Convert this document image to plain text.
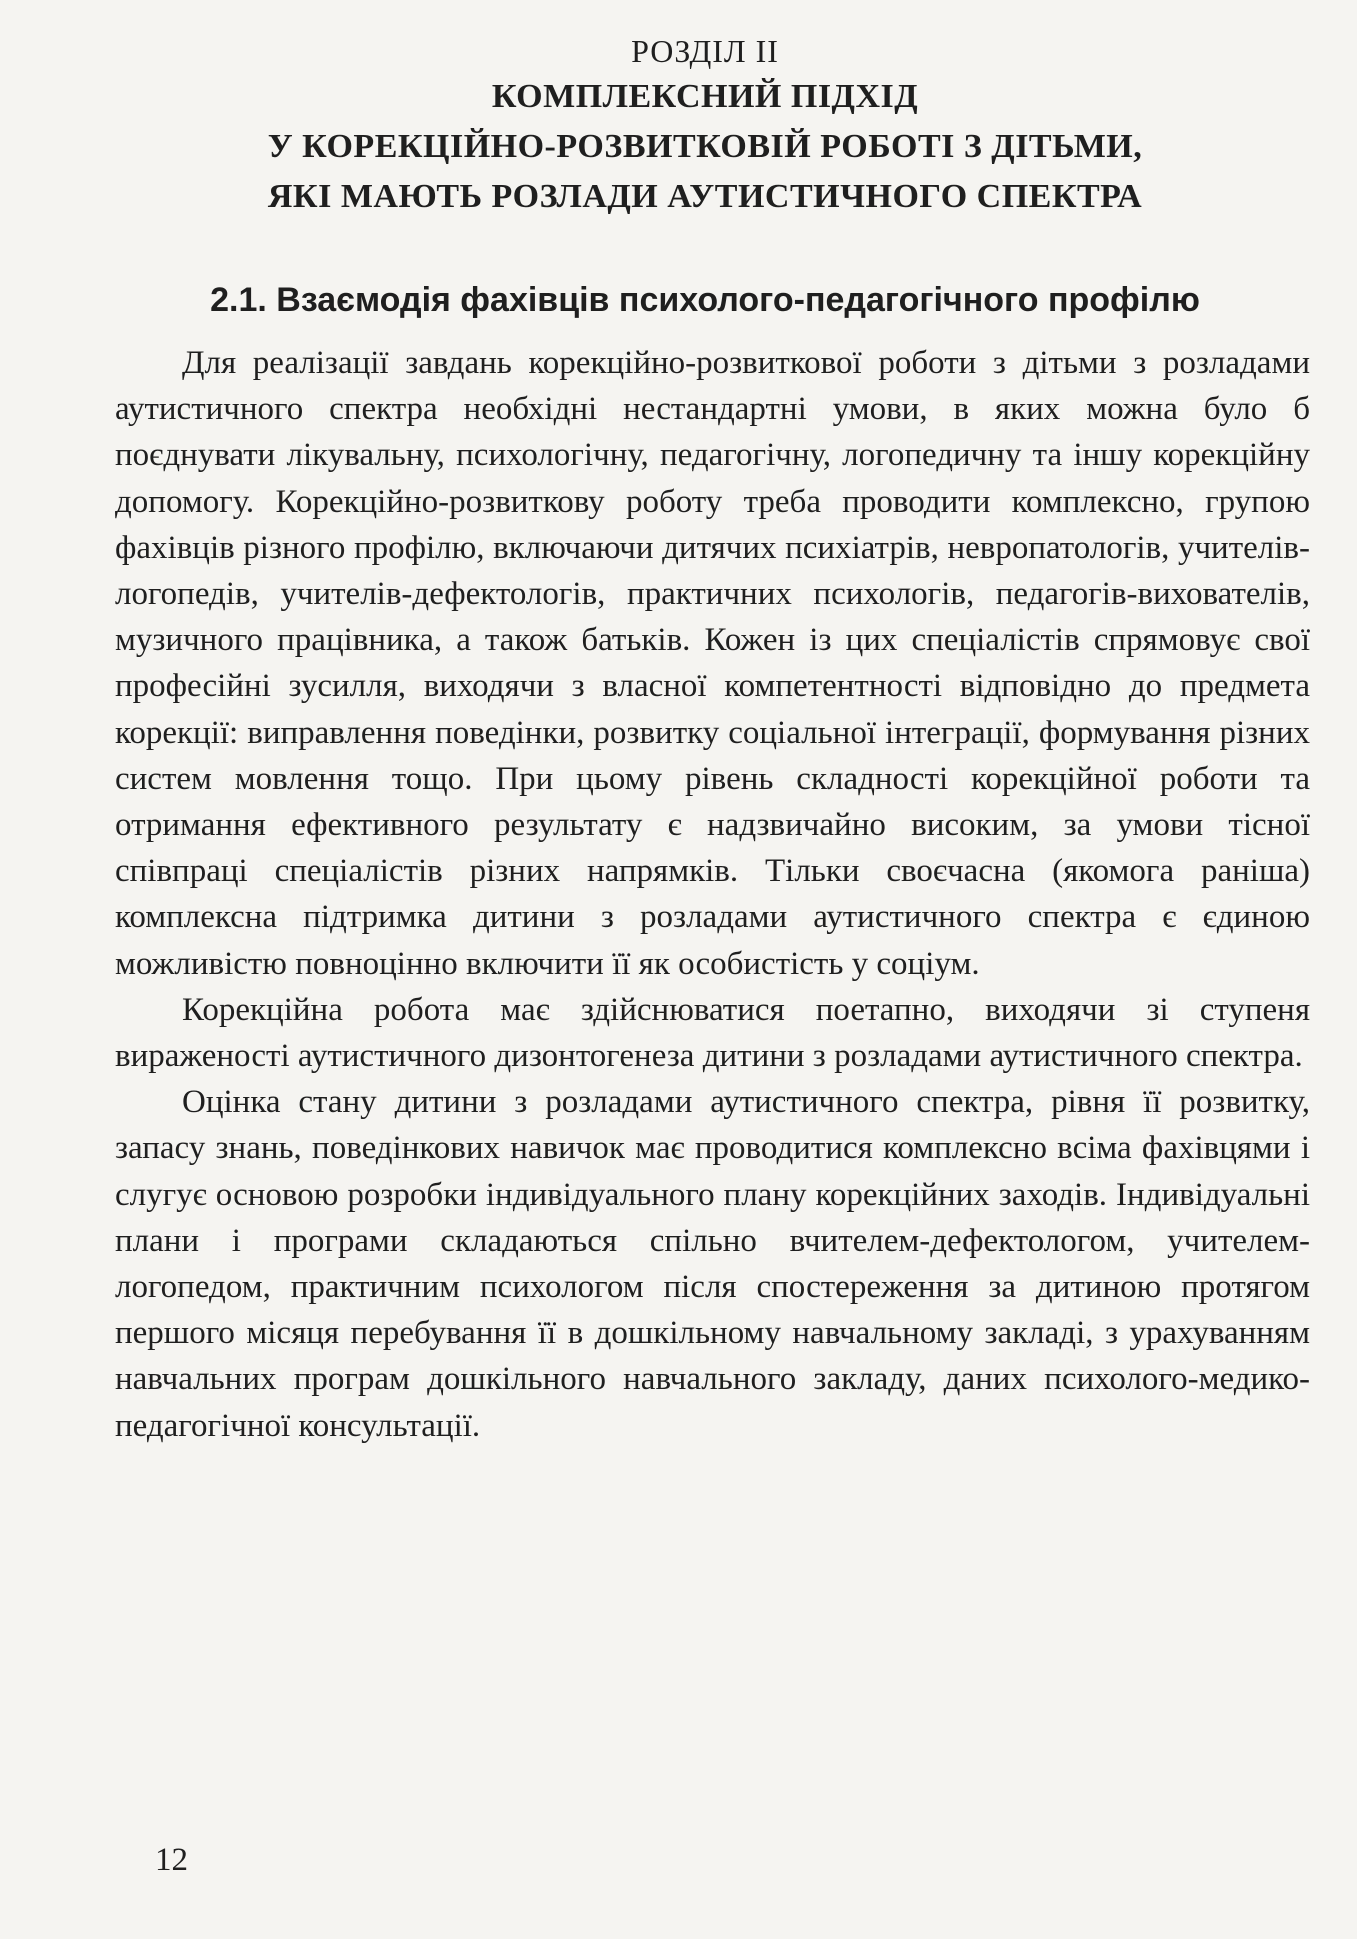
РОЗДІЛ ІІ
КОМПЛЕКСНИЙ ПІДХІД
У КОРЕКЦІЙНО-РОЗВИТКОВІЙ РОБОТІ З ДІТЬМИ,
ЯКІ МАЮТЬ РОЗЛАДИ АУТИСТИЧНОГО СПЕКТРА
2.1. Взаємодія фахівців психолого-педагогічного профілю

Для реалізації завдань корекційно-розвиткової роботи з дітьми з розладами аутистичного спектра необхідні нестандартні умови, в яких можна було б поєднувати лікувальну, психологічну, педагогічну, логопедичну та іншу корекційну допомогу. Корекційно-розвиткову роботу треба проводити комплексно, групою фахівців різного профілю, включаючи дитячих психіатрів, невропатологів, учителів-логопедів, учителів-дефектологів, практичних психологів, педагогів-вихователів, музичного працівника, а також батьків. Кожен із цих спеціалістів спрямовує свої професійні зусилля, виходячи з власної компетентності відповідно до предмета корекції: виправлення поведінки, розвитку соціальної інтеграції, формування різних систем мовлення тощо. При цьому рівень складності корекційної роботи та отримання ефективного результату є надзвичайно високим, за умови тісної співпраці спеціалістів різних напрямків. Тільки своєчасна (якомога раніша) комплексна підтримка дитини з розладами аутистичного спектра є єдиною можливістю повноцінно включити її як особистість у соціум.

Корекційна робота має здійснюватися поетапно, виходячи зі ступеня вираженості аутистичного дизонтогенеза дитини з розладами аутистичного спектра.

Оцінка стану дитини з розладами аутистичного спектра, рівня її розвитку, запасу знань, поведінкових навичок має проводитися комплексно всіма фахівцями і слугує основою розробки індивідуального плану корекційних заходів. Індивідуальні плани і програми складаються спільно вчителем-дефектологом, учителем-логопедом, практичним психологом після спостереження за дитиною протягом першого місяця перебування її в дошкільному навчальному закладі, з урахуванням навчальних програм дошкільного навчального закладу, даних психолого-медико-педагогічної консультації.

12
